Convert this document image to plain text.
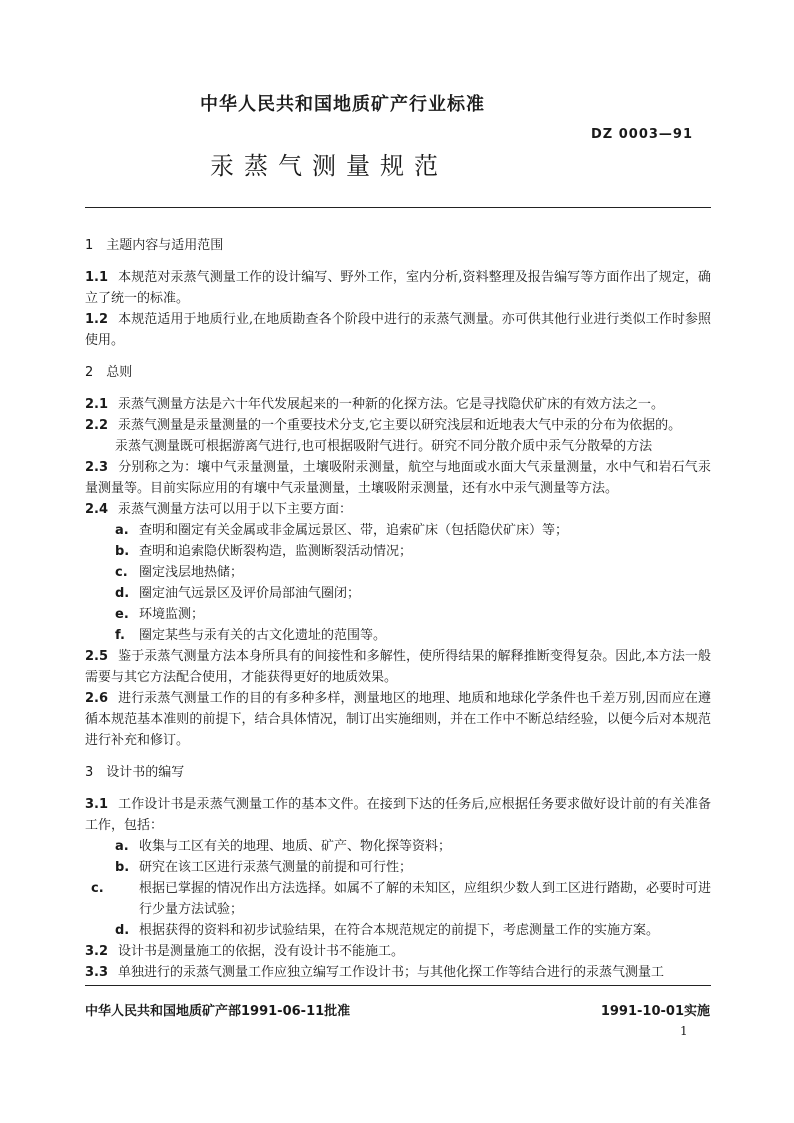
中华人民共和国地质矿产行业标准
DZ 0003—91
汞蒸气测量规范
1　主题内容与适用范围

1.1 本规范对汞蒸气测量工作的设计编写、野外工作，室内分析,资料整理及报告编写等方面作出了规定，确立了统一的标准。

1.2 本规范适用于地质行业,在地质勘查各个阶段中进行的汞蒸气测量。亦可供其他行业进行类似工作时参照使用。

2　总则

2.1 汞蒸气测量方法是六十年代发展起来的一种新的化探方法。它是寻找隐伏矿床的有效方法之一。

2.2 汞蒸气测量是汞量测量的一个重要技术分支,它主要以研究浅层和近地表大气中汞的分布为依据的。

汞蒸气测量既可根据游离气进行,也可根据吸附气进行。研究不同分散介质中汞气分散晕的方法

2.3 分别称之为：壤中气汞量测量，土壤吸附汞测量，航空与地面或水面大气汞量测量，水中气和岩石气汞量测量等。目前实际应用的有壤中气汞量测量，土壤吸附汞测量，还有水中汞气测量等方法。

2.4 汞蒸气测量方法可以用于以下主要方面：

a. 查明和圈定有关金属或非金属远景区、带，追索矿床（包括隐伏矿床）等；

b. 查明和追索隐伏断裂构造，监测断裂活动情况；

c. 圈定浅层地热储；

d. 圈定油气远景区及评价局部油气圈闭；

e. 环境监测；

f. 圈定某些与汞有关的古文化遗址的范围等。

2.5 鉴于汞蒸气测量方法本身所具有的间接性和多解性，使所得结果的解释推断变得复杂。因此,本方法一般需要与其它方法配合使用，才能获得更好的地质效果。

2.6 进行汞蒸气测量工作的目的有多种多样，测量地区的地理、地质和地球化学条件也千差万别,因而应在遵循本规范基本准则的前提下，结合具体情况，制订出实施细则，并在工作中不断总结经验，以便今后对本规范进行补充和修订。

3　设计书的编写

3.1 工作设计书是汞蒸气测量工作的基本文件。在接到下达的任务后,应根据任务要求做好设计前的有关准备工作，包括：

a. 收集与工区有关的地理、地质、矿产、物化探等资料；

b. 研究在该工区进行汞蒸气测量的前提和可行性；

c.	根据已掌握的情况作出方法选择。如属不了解的未知区，应组织少数人到工区进行踏勘，必要时可进行少量方法试验；

d. 根据获得的资料和初步试验结果，在符合本规范规定的前提下，考虑测量工作的实施方案。

3.2 设计书是测量施工的依据，没有设计书不能施工。

3.3 单独进行的汞蒸气测量工作应独立编写工作设计书；与其他化探工作等结合进行的汞蒸气测量工

中华人民共和国地质矿产部1991-06-11批准	1991-10-01实施
1
